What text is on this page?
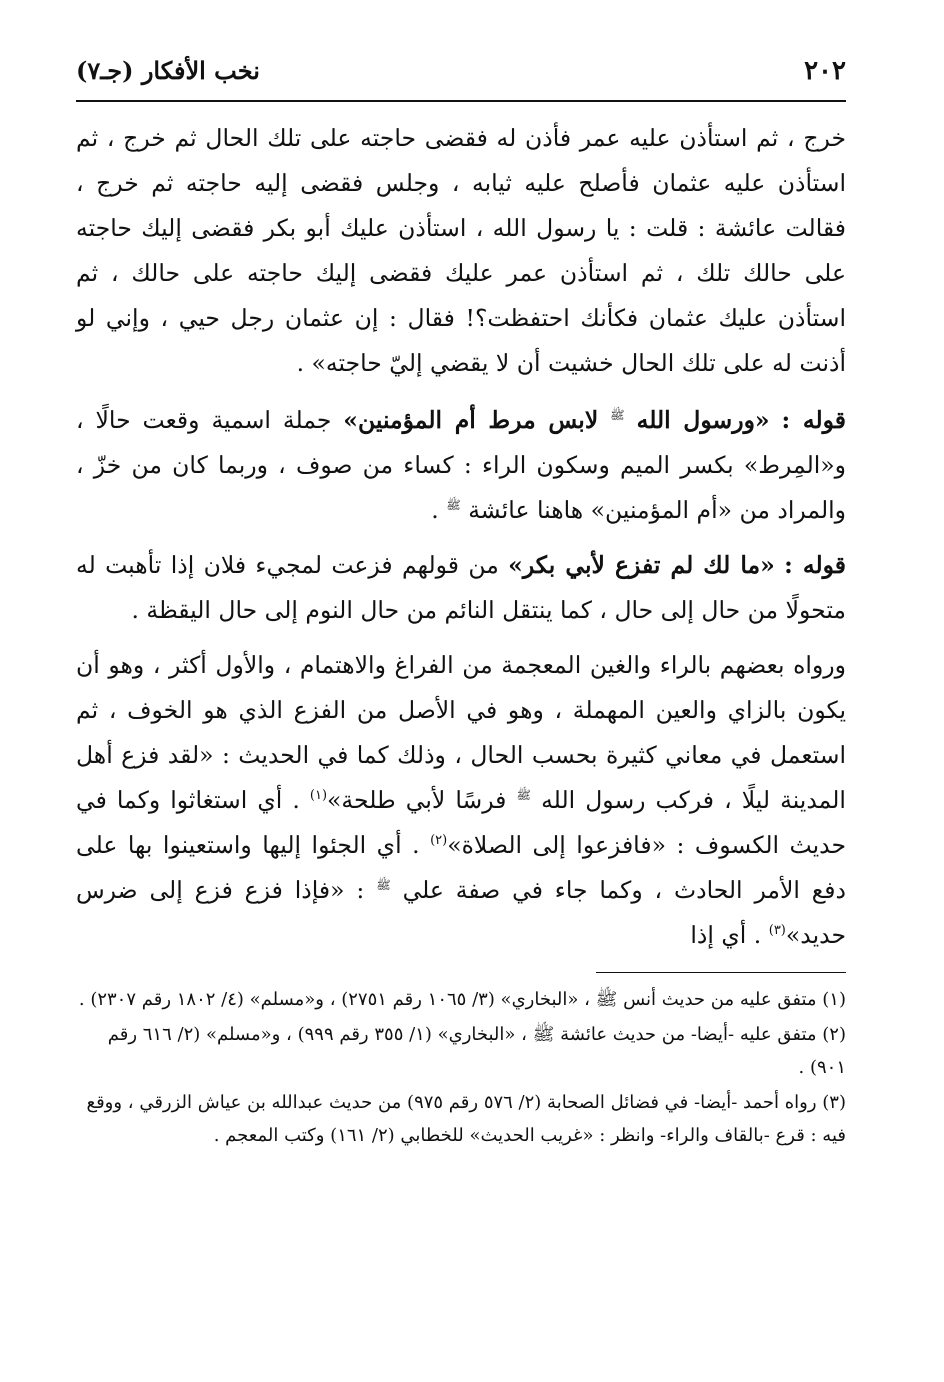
٢٠٢
نخب الأفكار (جـ٧)

خرج ، ثم استأذن عليه عمر فأذن له فقضى حاجته على تلك الحال ثم خرج ، ثم استأذن عليه عثمان فأصلح عليه ثيابه ، وجلس فقضى إليه حاجته ثم خرج ، فقالت عائشة : قلت : يا رسول الله ، استأذن عليك أبو بكر فقضى إليك حاجته على حالك تلك ، ثم استأذن عمر عليك فقضى إليك حاجته على حالك ، ثم استأذن عليك عثمان فكأنك احتفظت؟! فقال : إن عثمان رجل حيي ، وإني لو أذنت له على تلك الحال خشيت أن لا يقضي إليّ حاجته» .

قوله : «ورسول الله $^ﷺ$ لابس مرط أم المؤمنين» جملة اسمية وقعت حالًا ، و«المِرط» بكسر الميم وسكون الراء : كساء من صوف ، وربما كان من خزّ ، والمراد من «أم المؤمنين» هاهنا عائشة $^ﷺ$ .

قوله : «ما لك لم تفزع لأبي بكر» من قولهم فزعت لمجيء فلان إذا تأهبت له متحولًا من حال إلى حال ، كما ينتقل النائم من حال النوم إلى حال اليقظة .

ورواه بعضهم بالراء والغين المعجمة من الفراغ والاهتمام ، والأول أكثر ، وهو أن يكون بالزاي والعين المهملة ، وهو في الأصل من الفزع الذي هو الخوف ، ثم استعمل في معاني كثيرة بحسب الحال ، وذلك كما في الحديث : «لقد فزع أهل المدينة ليلًا ، فركب رسول الله $^ﷺ$ فرسًا لأبي طلحة»$^{(١)}$ . أي استغاثوا وكما في حديث الكسوف : «فافزعوا إلى الصلاة»$^{(٢)}$ . أي الجئوا إليها واستعينوا بها على دفع الأمر الحادث ، وكما جاء في صفة علي $^ﷺ$ : «فإذا فزع فزع إلى ضرس حديد»$^{(٣)}$ . أي إذا

(١) متفق عليه من حديث أنس ﷺ ، «البخاري» (٣/ ١٠٦٥ رقم ٢٧٥١) ، و«مسلم» (٤/ ١٨٠٢ رقم ٢٣٠٧) .
(٢) متفق عليه -أيضا- من حديث عائشة ﷺ ، «البخاري» (١/ ٣٥٥ رقم ٩٩٩) ، و«مسلم» (٢/ ٦١٦ رقم ٩٠١) .
(٣) رواه أحمد -أيضا- في فضائل الصحابة (٢/ ٥٧٦ رقم ٩٧٥) من حديث عبدالله بن عياش الزرقي ، ووقع فيه : قرع -بالقاف والراء- وانظر : «غريب الحديث» للخطابي (٢/ ١٦١) وكتب المعجم .
